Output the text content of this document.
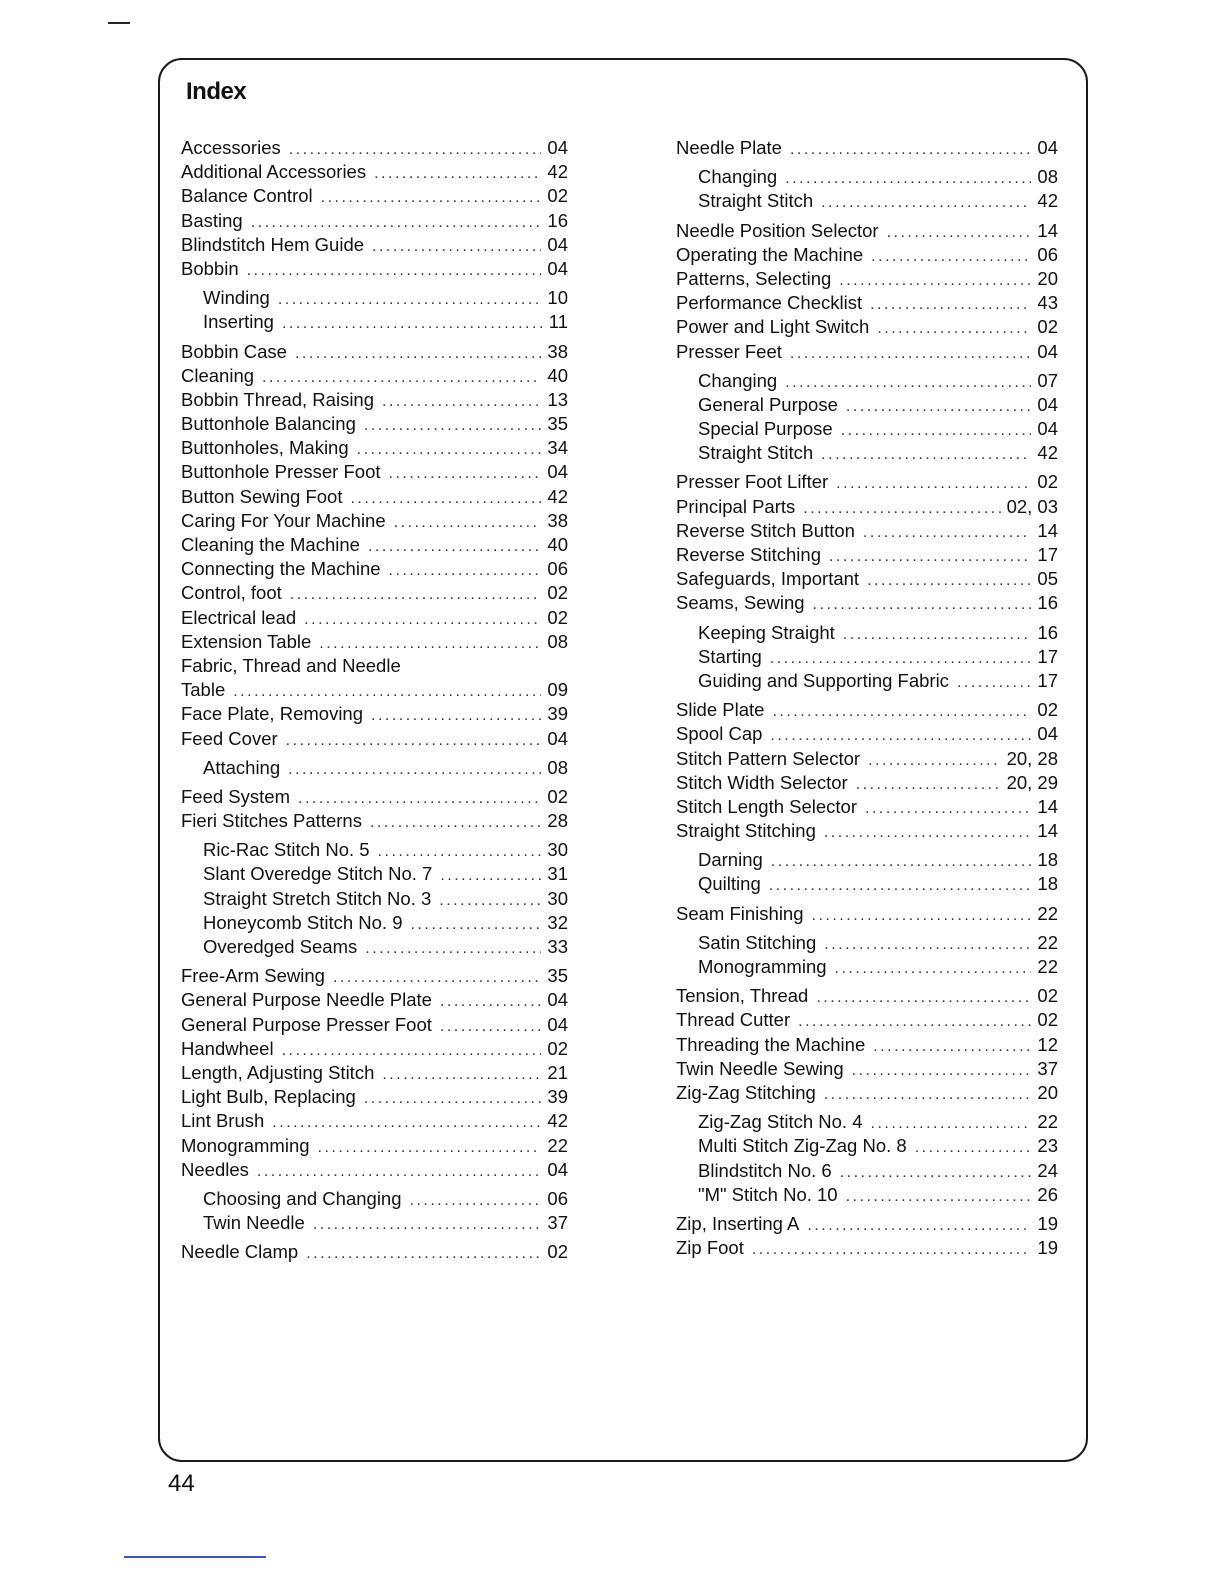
Index
Accessories .....	04
Additional Accessories .....	42
Balance Control .....	02
Basting .....	16
Blindstitch Hem Guide .....	04
Bobbin .....	04
Winding .....	10
Inserting .....	11
Bobbin Case .....	38
Cleaning .....	40
Bobbin Thread, Raising .....	13
Buttonhole Balancing .....	35
Buttonholes, Making .....	34
Buttonhole Presser Foot .....	04
Button Sewing Foot .....	42
Caring For Your Machine .....	38
Cleaning the Machine .....	40
Connecting the Machine .....	06
Control, foot .....	02
Electrical lead .....	02
Extension Table .....	08
Fabric, Thread and Needle
Table .....	09
Face Plate, Removing .....	39
Feed Cover .....	04
Attaching .....	08
Feed System .....	02
Fieri Stitches Patterns .....	28
Ric-Rac Stitch No. 5 .....	30
Slant Overedge Stitch No. 7 .....	31
Straight Stretch Stitch No. 3 .....	30
Honeycomb Stitch No. 9 .....	32
Overedged Seams .....	33
Free-Arm Sewing .....	35
General Purpose Needle Plate .....	04
General Purpose Presser Foot .....	04
Handwheel .....	02
Length, Adjusting Stitch .....	21
Light Bulb, Replacing .....	39
Lint Brush .....	42
Monogramming .....	22
Needles .....	04
Choosing and Changing .....	06
Twin Needle .....	37
Needle Clamp .....	02
Needle Plate .....	04
Changing .....	08
Straight Stitch .....	42
Needle Position Selector .....	14
Operating the Machine .....	06
Patterns, Selecting .....	20
Performance Checklist .....	43
Power and Light Switch .....	02
Presser Feet .....	04
Changing .....	07
General Purpose .....	04
Special Purpose .....	04
Straight Stitch .....	42
Presser Foot Lifter .....	02
Principal Parts .....	02, 03
Reverse Stitch Button .....	14
Reverse Stitching .....	17
Safeguards, Important .....	05
Seams, Sewing .....	16
Keeping Straight .....	16
Starting .....	17
Guiding and Supporting Fabric .....	17
Slide Plate .....	02
Spool Cap .....	04
Stitch Pattern Selector .....	20, 28
Stitch Width Selector .....	20, 29
Stitch Length Selector .....	14
Straight Stitching .....	14
Darning .....	18
Quilting .....	18
Seam Finishing .....	22
Satin Stitching .....	22
Monogramming .....	22
Tension, Thread .....	02
Thread Cutter .....	02
Threading the Machine .....	12
Twin Needle Sewing .....	37
Zig-Zag Stitching .....	20
Zig-Zag Stitch No. 4 .....	22
Multi Stitch Zig-Zag No. 8 .....	23
Blindstitch No. 6 .....	24
"M" Stitch No. 10 .....	26
Zip, Inserting A .....	19
Zip Foot .....	19
44
